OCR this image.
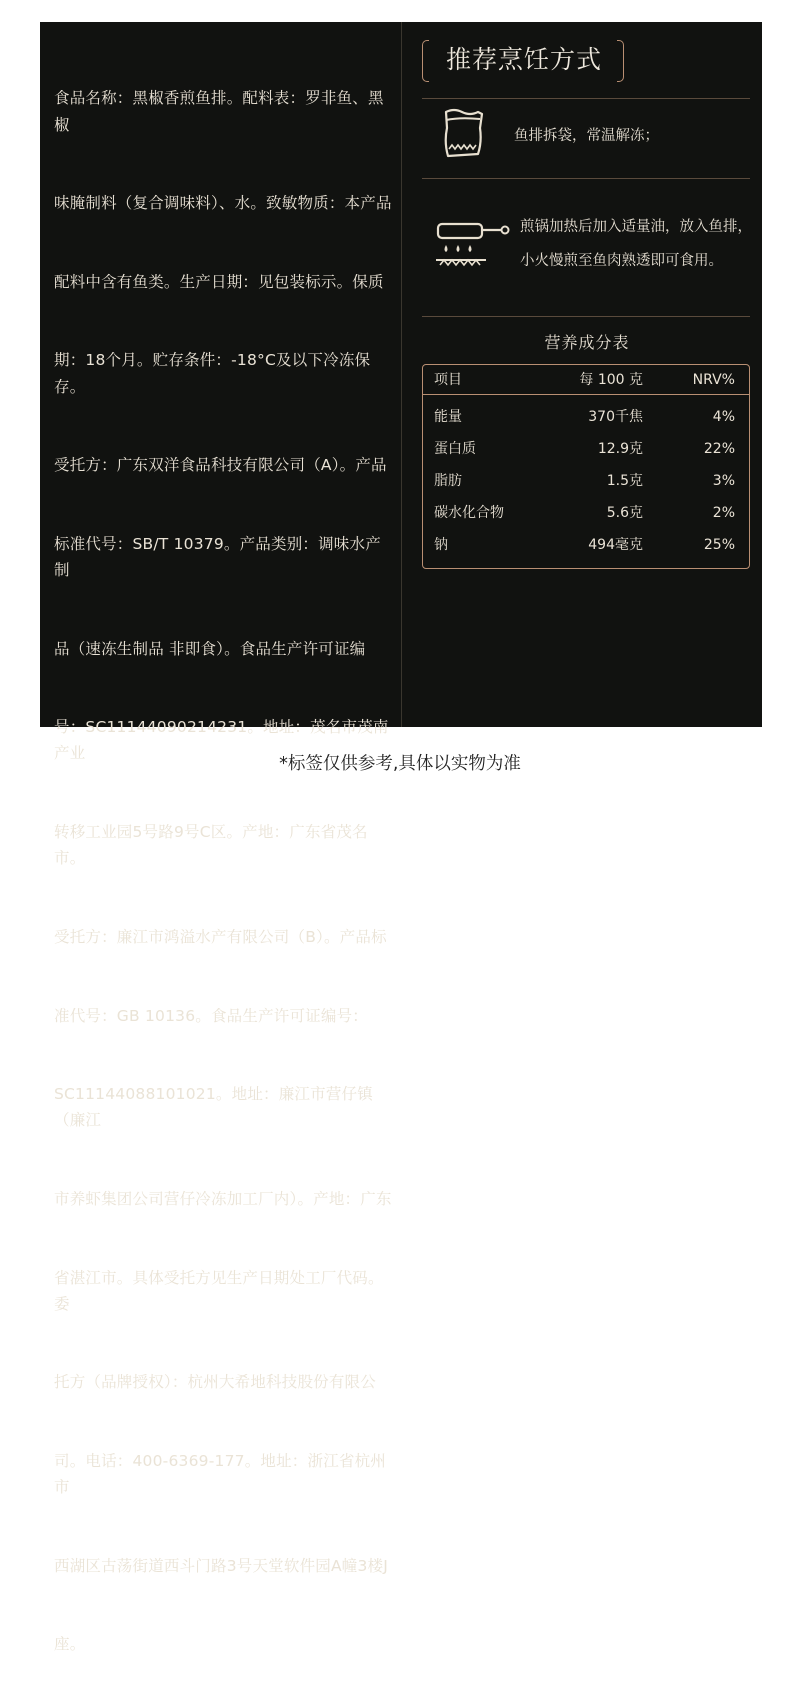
食品名称：黑椒香煎鱼排。配料表：罗非鱼、黑椒

味腌制料（复合调味料）、水。致敏物质：本产品

配料中含有鱼类。生产日期：见包装标示。保质

期：18个月。贮存条件：-18°C及以下冷冻保存。

受托方：广东双洋食品科技有限公司（A）。产品

标准代号：SB/T 10379。产品类别：调味水产制

品（速冻生制品 非即食）。食品生产许可证编

号：SC11144090214231。地址：茂名市茂南产业

转移工业园5号路9号C区。产地：广东省茂名市。

受托方：廉江市鸿溢水产有限公司（B）。产品标

准代号：GB 10136。食品生产许可证编号：

SC11144088101021。地址：廉江市营仔镇（廉江

市养虾集团公司营仔冷冻加工厂内）。产地：广东

省湛江市。具体受托方见生产日期处工厂代码。委

托方（品牌授权）：杭州大希地科技股份有限公

司。电话：400-6369-177。地址：浙江省杭州市

西湖区古荡街道西斗门路3号天堂软件园A幢3楼J

座。

推荐烹饪方式
鱼排拆袋，常温解冻；
煎锅加热后加入适量油，放入鱼排，
小火慢煎至鱼肉熟透即可食用。
营养成分表
项目	每 100 克	NRV%
能量	370千焦	4%
蛋白质	12.9克	22%
脂肪	1.5克	3%
碳水化合物	5.6克	2%
钠	494毫克	25%
*标签仅供参考,具体以实物为准
